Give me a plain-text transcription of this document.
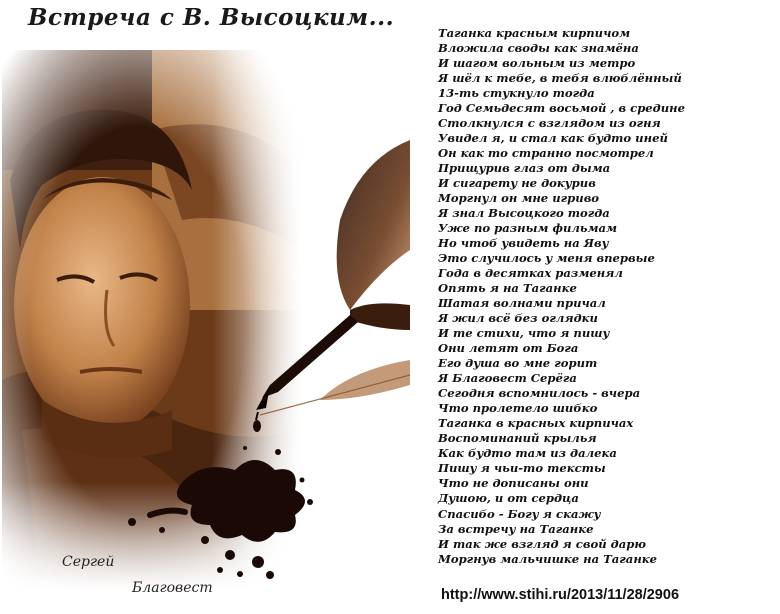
Встреча с В. Высоцким...
Таганка красным кирпичом
Вложила своды как знамёна
И шагом вольным из метро
Я шёл к тебе, в тебя влюблённый
13-ть стукнуло тогда
Год Семьдесят восьмой , в средине
Столкнулся с взглядом из огня
Увидел я, и стал как будто иней
Он как то странно посмотрел
Прищурив глаз от дыма
И сигарету не докурив
Моргнул он мне игриво
Я знал Высоцкого тогда
Уже по разным фильмам
Но чтоб увидеть на Яву
Это случилось у меня впервые
Года в десятках разменял
Опять я на Таганке
Шатая волнами причал
Я жил всё без оглядки
И те стихи, что я пишу
Они летят от Бога
Его душа во мне горит
Я Благовест Серёга
Сегодня вспомнилось - вчера
Что пролетело шибко
Таганка в красных кирпичах
Воспоминаний крылья
Как будто там из далека
Пишу я чьи-то тексты
Что не дописаны они
Душою, и от сердца
Спасибо - Богу я скажу
За встречу на Таганке
И так же взгляд я свой дарю
Моргнув мальчишке на Таганке
Сергей
Благовест	http://www.stihi.ru/2013/11/28/2906
